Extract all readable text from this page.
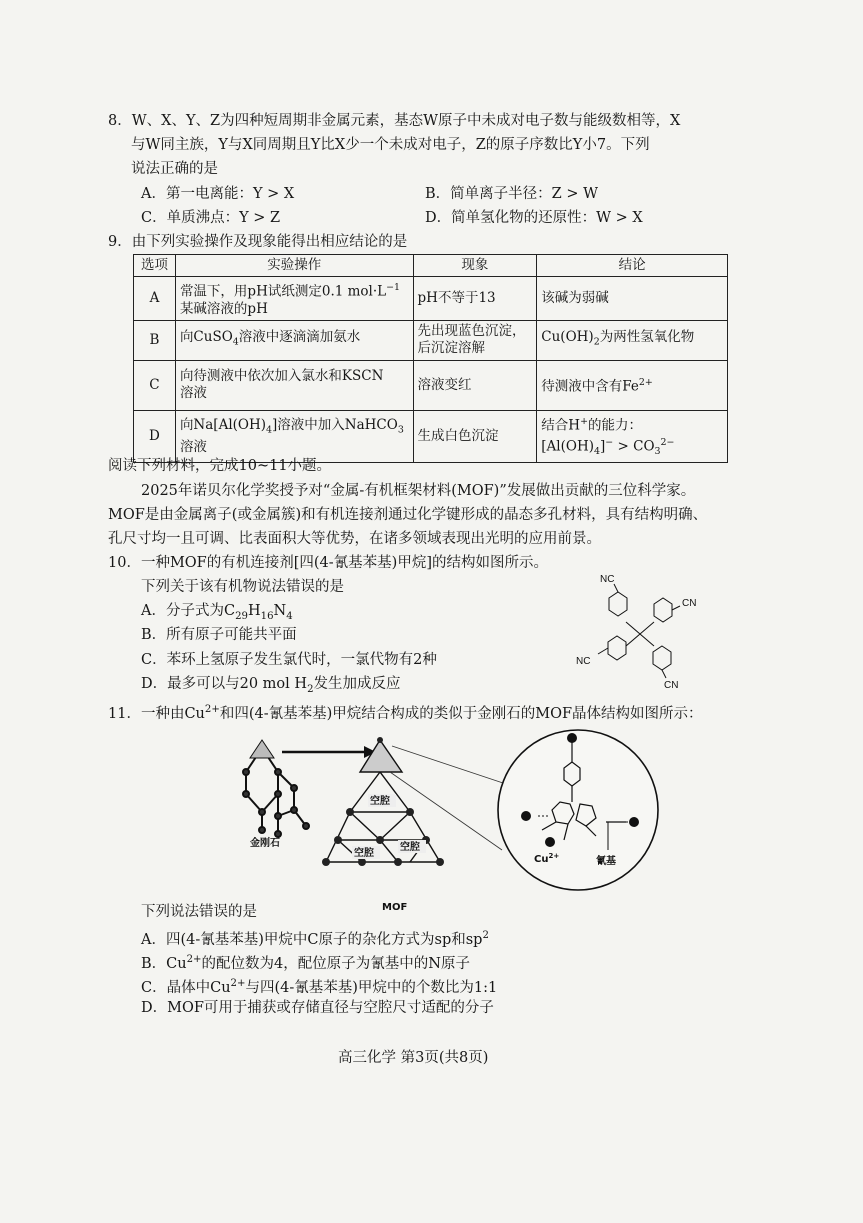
8．W、X、Y、Z为四种短周期非金属元素，基态W原子中未成对电子数与能级数相等，X
与W同主族，Y与X同周期且Y比X少一个未成对电子，Z的原子序数比Y小7。下列
说法正确的是
A．第一电离能：Y > X	B．简单离子半径：Z > W
C．单质沸点：Y > Z	D．简单氢化物的还原性：W > X
9．由下列实验操作及现象能得出相应结论的是
选项	实验操作	现象	结论
A	常温下，用pH试纸测定0.1 $mol\cdot L^{-1}$
某碱溶液的pH	pH不等于13	该碱为弱碱
B	向CuSO$_4$溶液中逐滴滴加氨水	先出现蓝色沉淀，
后沉淀溶解	$Cu(OH)_2$为两性氢氧化物
C	向待测液中依次加入氯水和KSCN
溶液	溶液变红	待测液中含有$Fe^{2+}$
D	向$Na[Al(OH)_4]$溶液中加入NaHCO$_3$
溶液	生成白色沉淀	结合H+的能力：
$[Al(OH)_4]^- > CO_3^{2-}$
阅读下列材料，完成10~11小题。
2025年诺贝尔化学奖授予对“金属-有机框架材料(MOF)”发展做出贡献的三位科学家。
MOF是由金属离子(或金属簇)和有机连接剂通过化学键形成的晶态多孔材料，具有结构明确、
孔尺寸均一且可调、比表面积大等优势，在诸多领域表现出光明的应用前景。
10．一种MOF的有机连接剂[四(4-氰基苯基)甲烷]的结构如图所示。
下列关于该有机物说法错误的是
A．分子式为$C_{29}H_{16}N_4$
B．所有原子可能共平面
C．苯环上氢原子发生氯代时，一氯代物有2种
D．最多可以与20 mol $H_2$发生加成反应
NC
CN
NC
CN
11．一种由$Cu^{2+}$和四(4-氰基苯基)甲烷结合构成的类似于金刚石的MOF晶体结构如图所示：
金刚石
空腔
空腔
空腔
MOF
$Cu^{2+}$	氰基
下列说法错误的是
A．四(4-氰基苯基)甲烷中C原子的杂化方式为sp和$sp^2$
B．$Cu^{2+}$的配位数为4，配位原子为氰基中的N原子
C．晶体中$Cu^{2+}$与四(4-氰基苯基)甲烷中的个数比为1:1
D．MOF可用于捕获或存储直径与空腔尺寸适配的分子
高三化学 第3页(共8页)
